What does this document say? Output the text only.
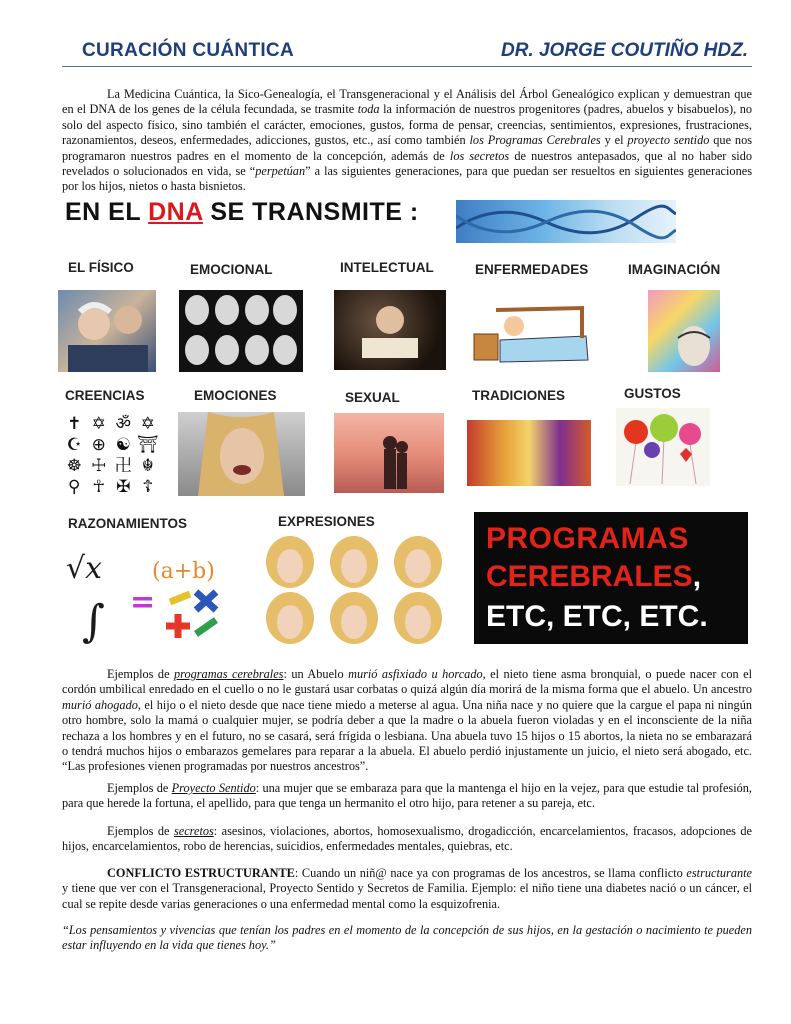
CURACIÓN CUÁNTICA	DR. JORGE COUTIÑO HDZ.

La Medicina Cuántica, la Sico-Genealogía, el Transgeneracional y el Análisis del Árbol Genealógico explican y demuestran que en el DNA de los genes de la célula fecundada, se trasmite toda la información de nuestros progenitores (padres, abuelos y bisabuelos), no solo del aspecto físico, sino también el carácter, emociones, gustos, forma de pensar, creencias, sentimientos, expresiones, frustraciones, razonamientos, deseos, enfermedades, adicciones, gustos, etc., así como también los Programas Cerebrales y el proyecto sentido que nos programaron nuestros padres en el momento de la concepción, además de los secretos de nuestros antepasados, que al no haber sido revelados o solucionados en vida, se “perpetúan” a las siguientes generaciones, para que puedan ser resueltos en siguientes generaciones por los hijos, nietos o hasta bisnietos.

EN EL DNA SE TRANSMITE :
EL FÍSICO	EMOCIONAL	INTELECTUAL	ENFERMEDADES	IMAGINACIÓN
CREENCIAS	EMOCIONES	SEXUAL	TRADICIONES	GUSTOS
✝ ✡ ॐ ✡
☪ ⊕ ☯ ⛩
☸ ☩ 卍 ☬
⚲ ☥ ✠ ☦
RAZONAMIENTOS	EXPRESIONES
√x (a+b)
∫ =
PROGRAMAS
CEREBRALES,
ETC, ETC, ETC.

Ejemplos de programas cerebrales: un Abuelo murió asfixiado u horcado, el nieto tiene asma bronquial, o puede nacer con el cordón umbilical enredado en el cuello o no le gustará usar corbatas o quizá algún día morirá de la misma forma que el abuelo. Un ancestro murió ahogado, el hijo o el nieto desde que nace tiene miedo a meterse al agua. Una niña nace y no quiere que la cargue el papa ni ningún otro hombre, solo la mamá o cualquier mujer, se podría deber a que la madre o la abuela fueron violadas y en el inconsciente de la niña rechaza a los hombres y en el futuro, no se casará, será frígida o lesbiana. Una abuela tuvo 15 hijos o 15 abortos, la nieta no se embarazará o tendrá muchos hijos o embarazos gemelares para reparar a la abuela. El abuelo perdió injustamente un juicio, el nieto será abogado, etc. “Las profesiones vienen programadas por nuestros ancestros”.

Ejemplos de Proyecto Sentido: una mujer que se embaraza para que la mantenga el hijo en la vejez, para que estudie tal profesión, para que herede la fortuna, el apellido, para que tenga un hermanito el otro hijo, para retener a su pareja, etc.

Ejemplos de secretos: asesinos, violaciones, abortos, homosexualismo, drogadicción, encarcelamientos, fracasos, adopciones de hijos, encarcelamientos, robo de herencias, suicidios, enfermedades mentales, quiebras, etc.

CONFLICTO ESTRUCTURANTE: Cuando un niñ@ nace ya con programas de los ancestros, se llama conflicto estructurante y tiene que ver con el Transgeneracional, Proyecto Sentido y Secretos de Familia. Ejemplo: el niño tiene una diabetes nació o un cáncer, el cual se repite desde varias generaciones o una enfermedad mental como la esquizofrenia.

“Los pensamientos y vivencias que tenían los padres en el momento de la concepción de sus hijos, en la gestación o nacimiento te pueden estar influyendo en la vida que tienes hoy.”
